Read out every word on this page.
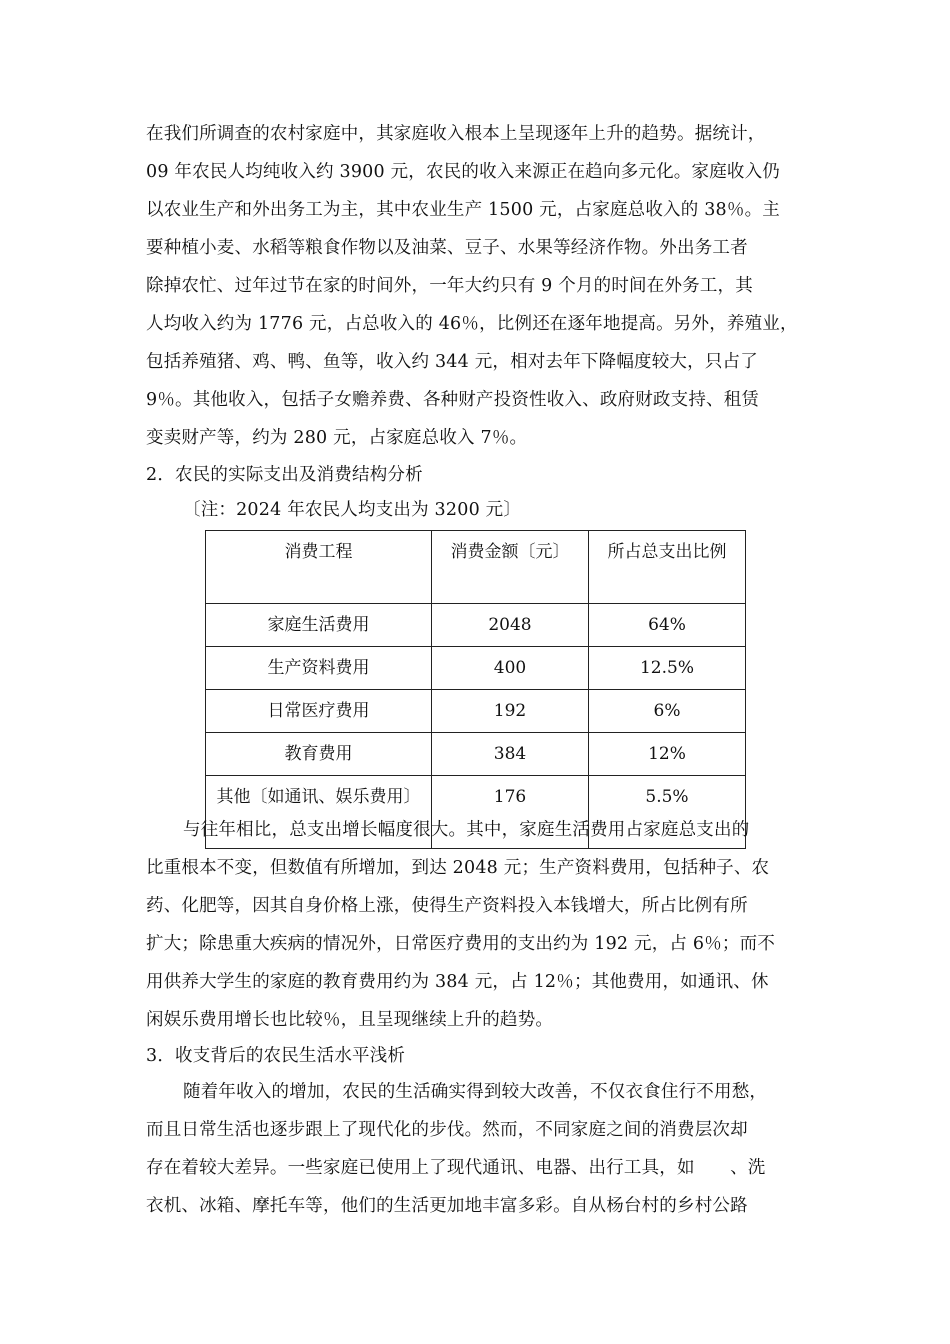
在我们所调查的农村家庭中，其家庭收入根本上呈现逐年上升的趋势。据统计，
09 年农民人均纯收入约 3900 元，农民的收入来源正在趋向多元化。家庭收入仍
以农业生产和外出务工为主，其中农业生产 1500 元，占家庭总收入的 38％。主
要种植小麦、水稻等粮食作物以及油菜、豆子、水果等经济作物。外出务工者
除掉农忙、过年过节在家的时间外，一年大约只有 9 个月的时间在外务工，其
人均收入约为 1776 元，占总收入的 46％，比例还在逐年地提高。另外，养殖业，
包括养殖猪、鸡、鸭、鱼等，收入约 344 元，相对去年下降幅度较大，只占了
9％。其他收入，包括子女赡养费、各种财产投资性收入、政府财政支持、租赁
变卖财产等，约为 280 元，占家庭总收入 7％。
2．农民的实际支出及消费结构分析
〔注：2024 年农民人均支出为 3200 元〕
消费工程	消费金额〔元〕	所占总支出比例
家庭生活费用	2048	64%
生产资料费用	400	12.5%
日常医疗费用	192	6%
教育费用	384	12%
其他〔如通讯、娱乐费用〕	176	5.5%
与往年相比，总支出增长幅度很大。其中，家庭生活费用占家庭总支出的
比重根本不变，但数值有所增加，到达 2048 元；生产资料费用，包括种子、农
药、化肥等，因其自身价格上涨，使得生产资料投入本钱增大，所占比例有所
扩大；除患重大疾病的情况外，日常医疗费用的支出约为 192 元，占 6％；而不
用供养大学生的家庭的教育费用约为 384 元，占 12％；其他费用，如通讯、休
闲娱乐费用增长也比较％，且呈现继续上升的趋势。
3．收支背后的农民生活水平浅析
随着年收入的增加，农民的生活确实得到较大改善，不仅衣食住行不用愁，
而且日常生活也逐步跟上了现代化的步伐。然而，不同家庭之间的消费层次却
存在着较大差异。一些家庭已使用上了现代通讯、电器、出行工具，如　　、洗
衣机、冰箱、摩托车等，他们的生活更加地丰富多彩。自从杨台村的乡村公路
